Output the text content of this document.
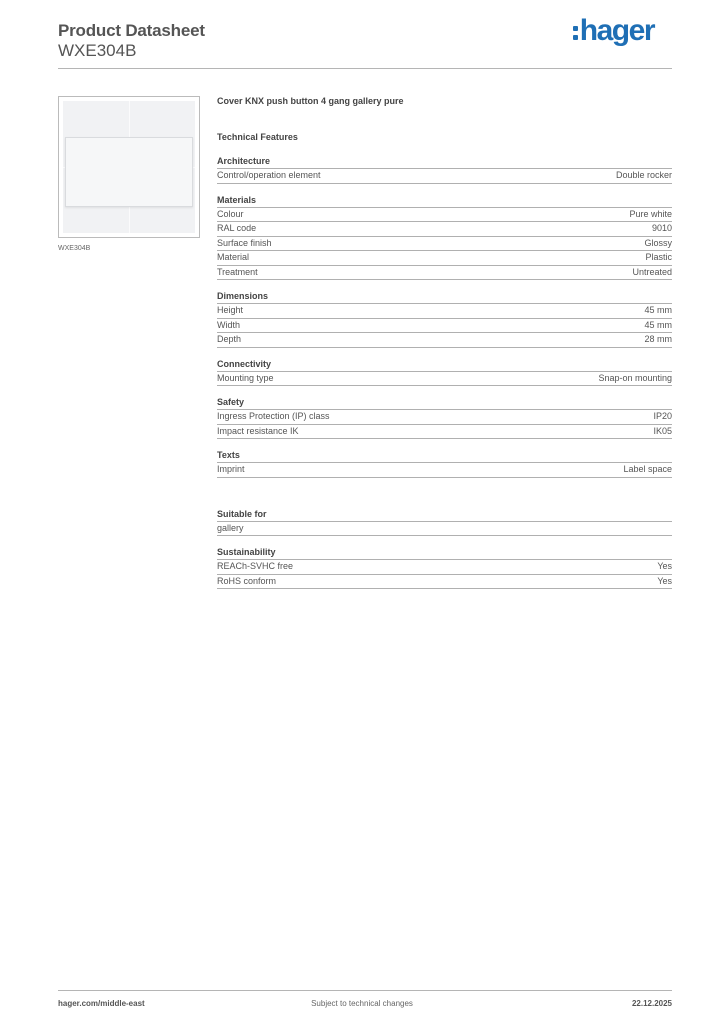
Product Datasheet
WXE304B
hager
WXE304B
Cover KNX push button 4 gang gallery pure
Technical Features
Architecture
Control/operation element	Double rocker
Materials
Colour	Pure white
RAL code	9010
Surface finish	Glossy
Material	Plastic
Treatment	Untreated
Dimensions
Height	45 mm
Width	45 mm
Depth	28 mm
Connectivity
Mounting type	Snap-on mounting
Safety
Ingress Protection (IP) class	IP20
Impact resistance IK	IK05
Texts
Imprint	Label space
Suitable for
gallery
Sustainability
REACh-SVHC free	Yes
RoHS conform	Yes
hager.com/middle-east	Subject to technical changes	22.12.2025
